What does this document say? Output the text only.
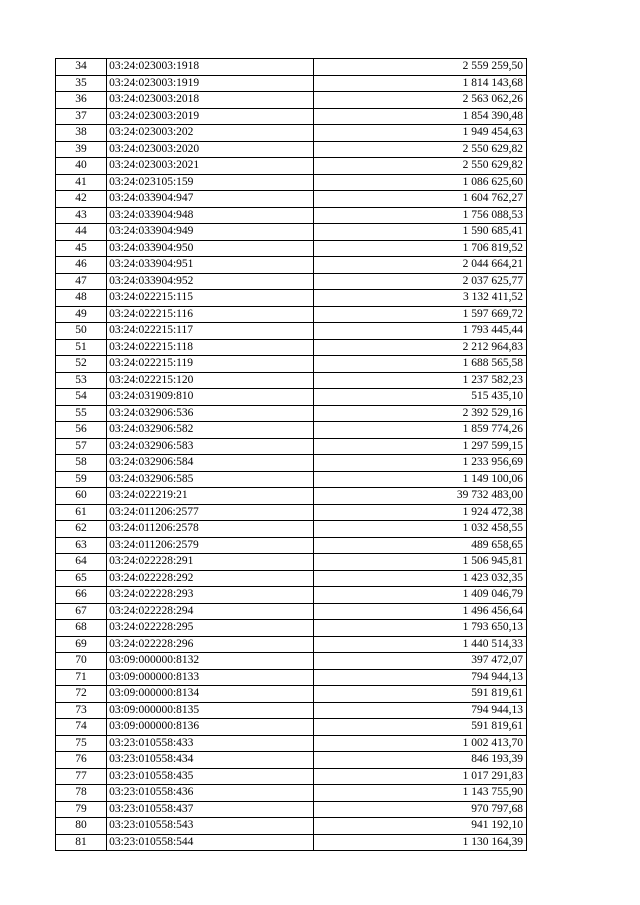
34	03:24:023003:1918	2 559 259,50
35	03:24:023003:1919	1 814 143,68
36	03:24:023003:2018	2 563 062,26
37	03:24:023003:2019	1 854 390,48
38	03:24:023003:202	1 949 454,63
39	03:24:023003:2020	2 550 629,82
40	03:24:023003:2021	2 550 629,82
41	03:24:023105:159	1 086 625,60
42	03:24:033904:947	1 604 762,27
43	03:24:033904:948	1 756 088,53
44	03:24:033904:949	1 590 685,41
45	03:24:033904:950	1 706 819,52
46	03:24:033904:951	2 044 664,21
47	03:24:033904:952	2 037 625,77
48	03:24:022215:115	3 132 411,52
49	03:24:022215:116	1 597 669,72
50	03:24:022215:117	1 793 445,44
51	03:24:022215:118	2 212 964,83
52	03:24:022215:119	1 688 565,58
53	03:24:022215:120	1 237 582,23
54	03:24:031909:810	515 435,10
55	03:24:032906:536	2 392 529,16
56	03:24:032906:582	1 859 774,26
57	03:24:032906:583	1 297 599,15
58	03:24:032906:584	1 233 956,69
59	03:24:032906:585	1 149 100,06
60	03:24:022219:21	39 732 483,00
61	03:24:011206:2577	1 924 472,38
62	03:24:011206:2578	1 032 458,55
63	03:24:011206:2579	489 658,65
64	03:24:022228:291	1 506 945,81
65	03:24:022228:292	1 423 032,35
66	03:24:022228:293	1 409 046,79
67	03:24:022228:294	1 496 456,64
68	03:24:022228:295	1 793 650,13
69	03:24:022228:296	1 440 514,33
70	03:09:000000:8132	397 472,07
71	03:09:000000:8133	794 944,13
72	03:09:000000:8134	591 819,61
73	03:09:000000:8135	794 944,13
74	03:09:000000:8136	591 819,61
75	03:23:010558:433	1 002 413,70
76	03:23:010558:434	846 193,39
77	03:23:010558:435	1 017 291,83
78	03:23:010558:436	1 143 755,90
79	03:23:010558:437	970 797,68
80	03:23:010558:543	941 192,10
81	03:23:010558:544	1 130 164,39
